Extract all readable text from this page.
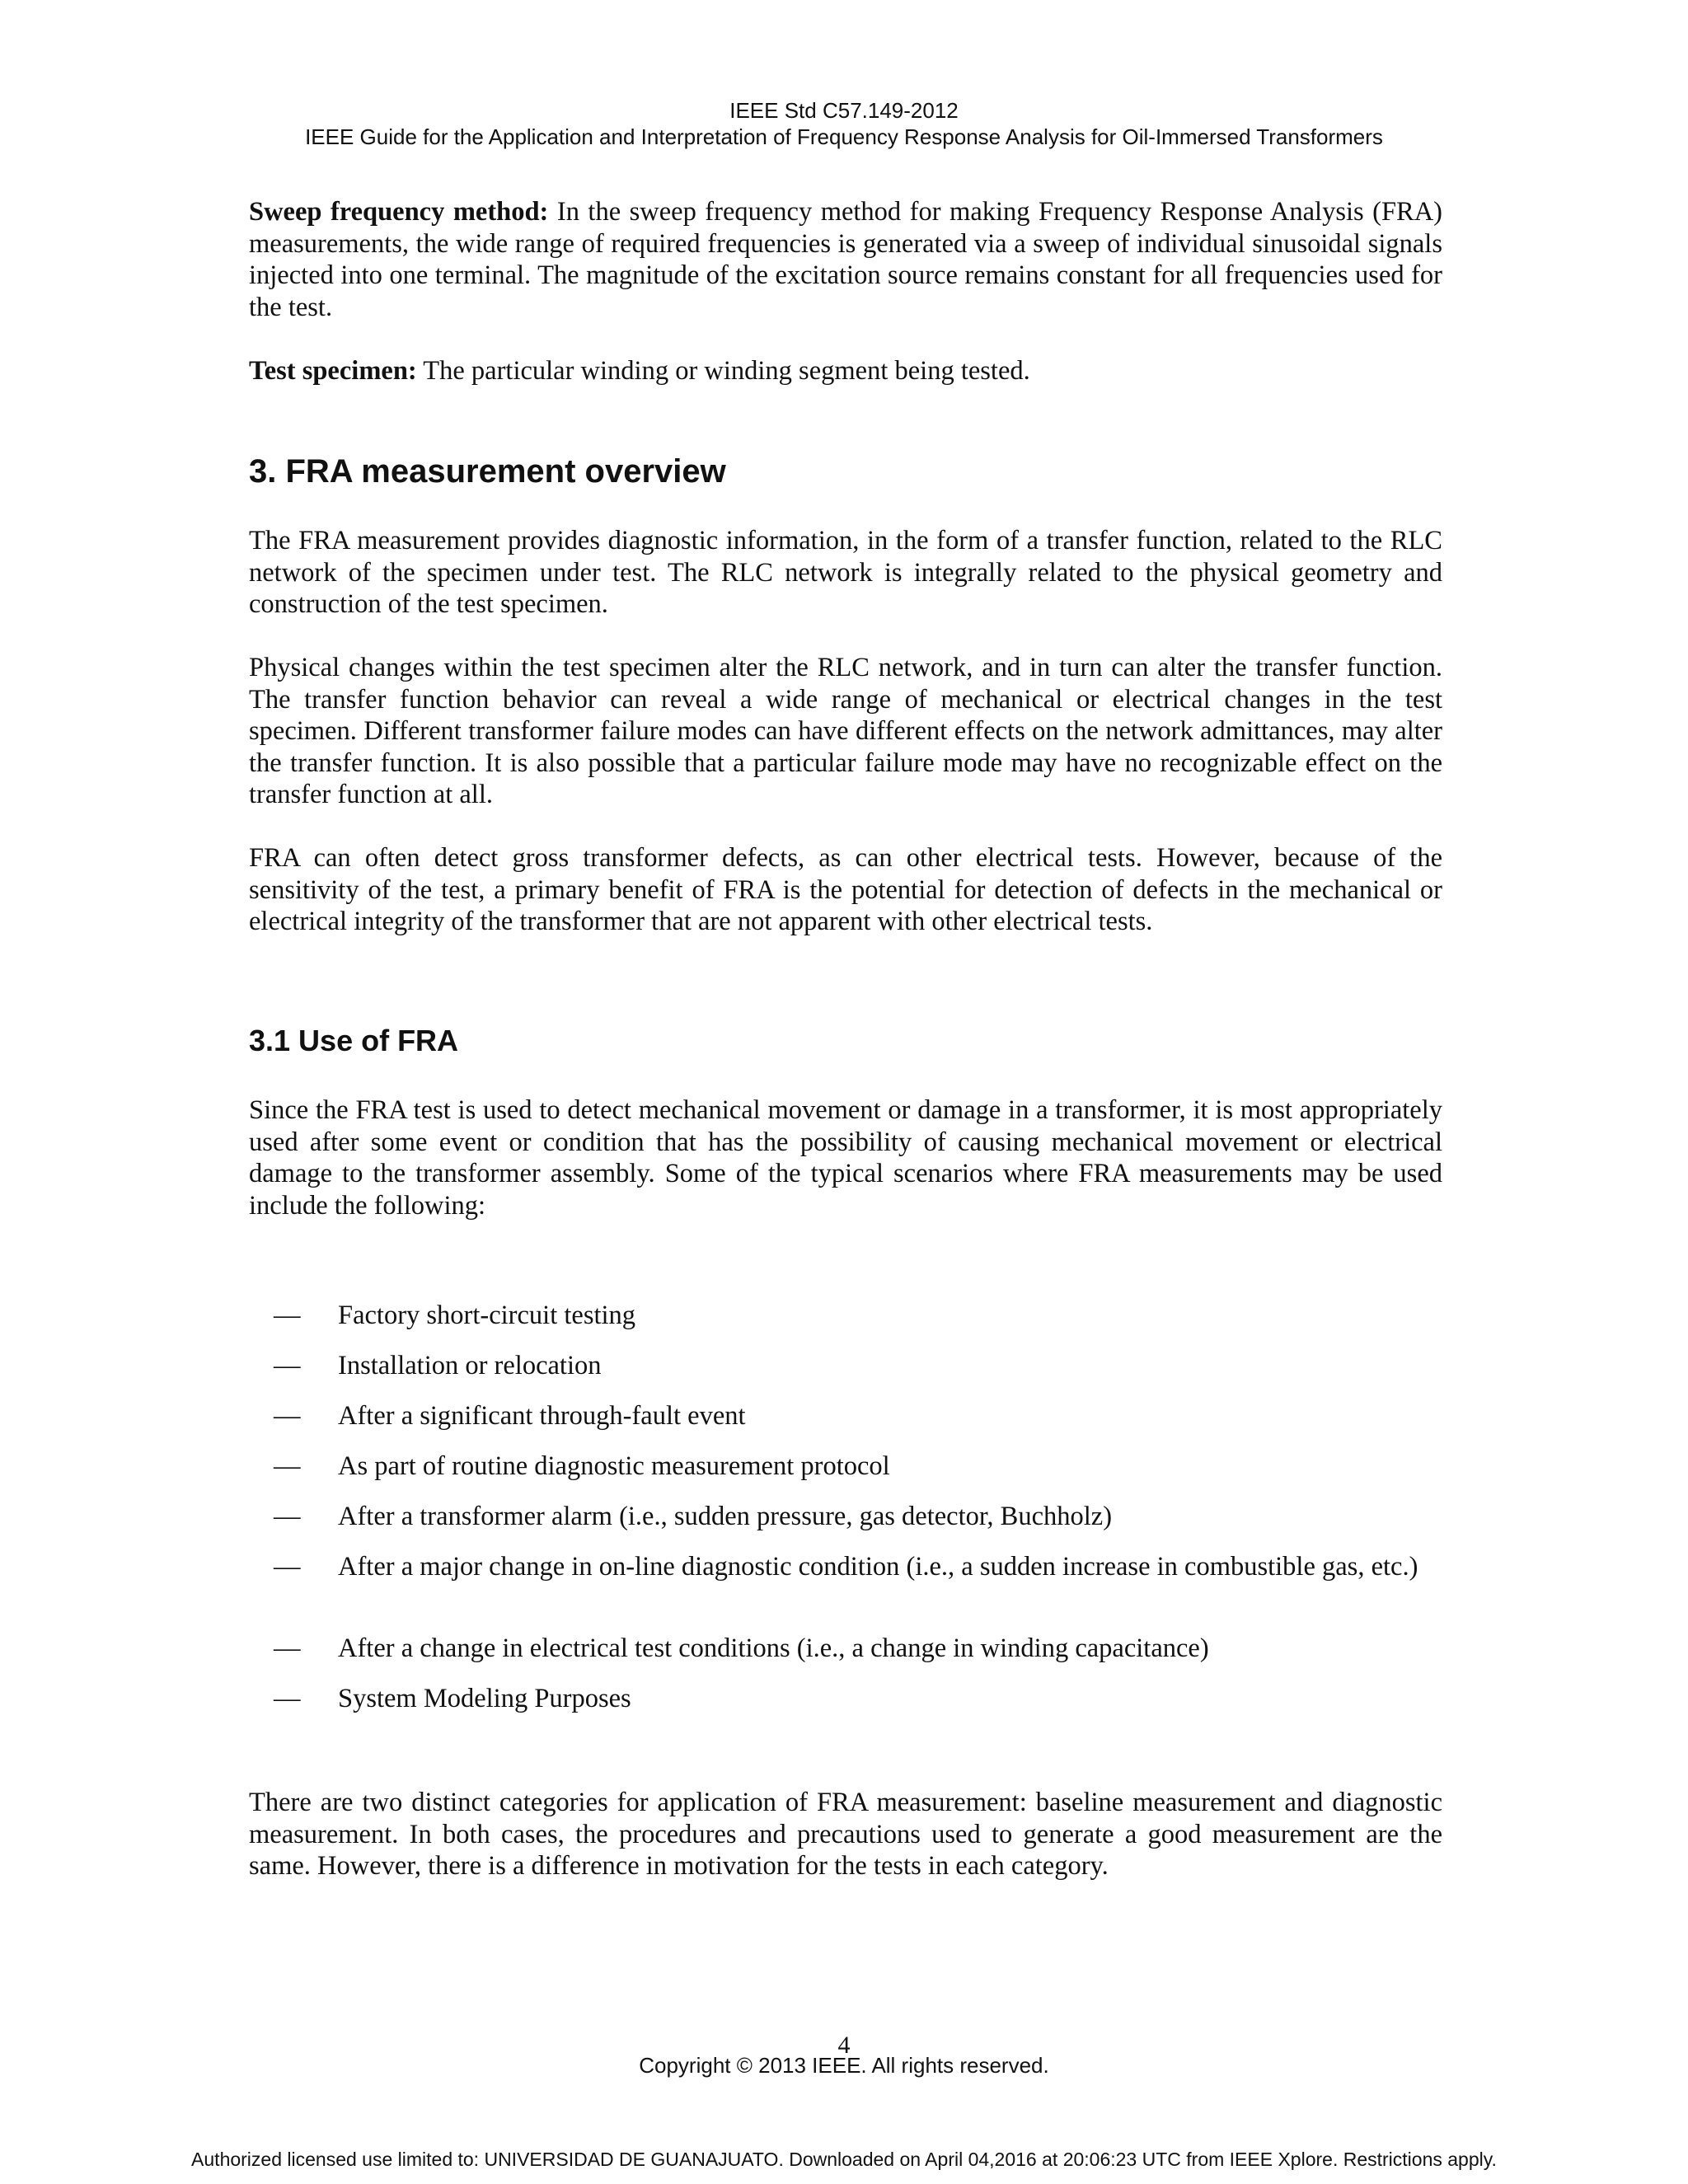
IEEE Std C57.149-2012
IEEE Guide for the Application and Interpretation of Frequency Response Analysis for Oil-Immersed Transformers

Sweep frequency method: In the sweep frequency method for making Frequency Response Analysis (FRA) measurements, the wide range of required frequencies is generated via a sweep of individual sinusoidal signals injected into one terminal. The magnitude of the excitation source remains constant for all frequencies used for the test.

Test specimen: The particular winding or winding segment being tested.

3. FRA measurement overview

The FRA measurement provides diagnostic information, in the form of a transfer function, related to the RLC network of the specimen under test. The RLC network is integrally related to the physical geometry and construction of the test specimen.

Physical changes within the test specimen alter the RLC network, and in turn can alter the transfer function. The transfer function behavior can reveal a wide range of mechanical or electrical changes in the test specimen. Different transformer failure modes can have different effects on the network admittances, may alter the transfer function. It is also possible that a particular failure mode may have no recognizable effect on the transfer function at all.

FRA can often detect gross transformer defects, as can other electrical tests. However, because of the sensitivity of the test, a primary benefit of FRA is the potential for detection of defects in the mechanical or electrical integrity of the transformer that are not apparent with other electrical tests.

3.1 Use of FRA

Since the FRA test is used to detect mechanical movement or damage in a transformer, it is most appropriately used after some event or condition that has the possibility of causing mechanical movement or electrical damage to the transformer assembly. Some of the typical scenarios where FRA measurements may be used include the following:

— Factory short-circuit testing
— Installation or relocation
— After a significant through-fault event
— As part of routine diagnostic measurement protocol
— After a transformer alarm (i.e., sudden pressure, gas detector, Buchholz)
— After a major change in on-line diagnostic condition (i.e., a sudden increase in combustible gas, etc.)
— After a change in electrical test conditions (i.e., a change in winding capacitance)
— System Modeling Purposes

There are two distinct categories for application of FRA measurement: baseline measurement and diagnostic measurement. In both cases, the procedures and precautions used to generate a good measurement are the same. However, there is a difference in motivation for the tests in each category.

4
Copyright © 2013 IEEE. All rights reserved.
Authorized licensed use limited to: UNIVERSIDAD DE GUANAJUATO. Downloaded on April 04,2016 at 20:06:23 UTC from IEEE Xplore. Restrictions apply.
